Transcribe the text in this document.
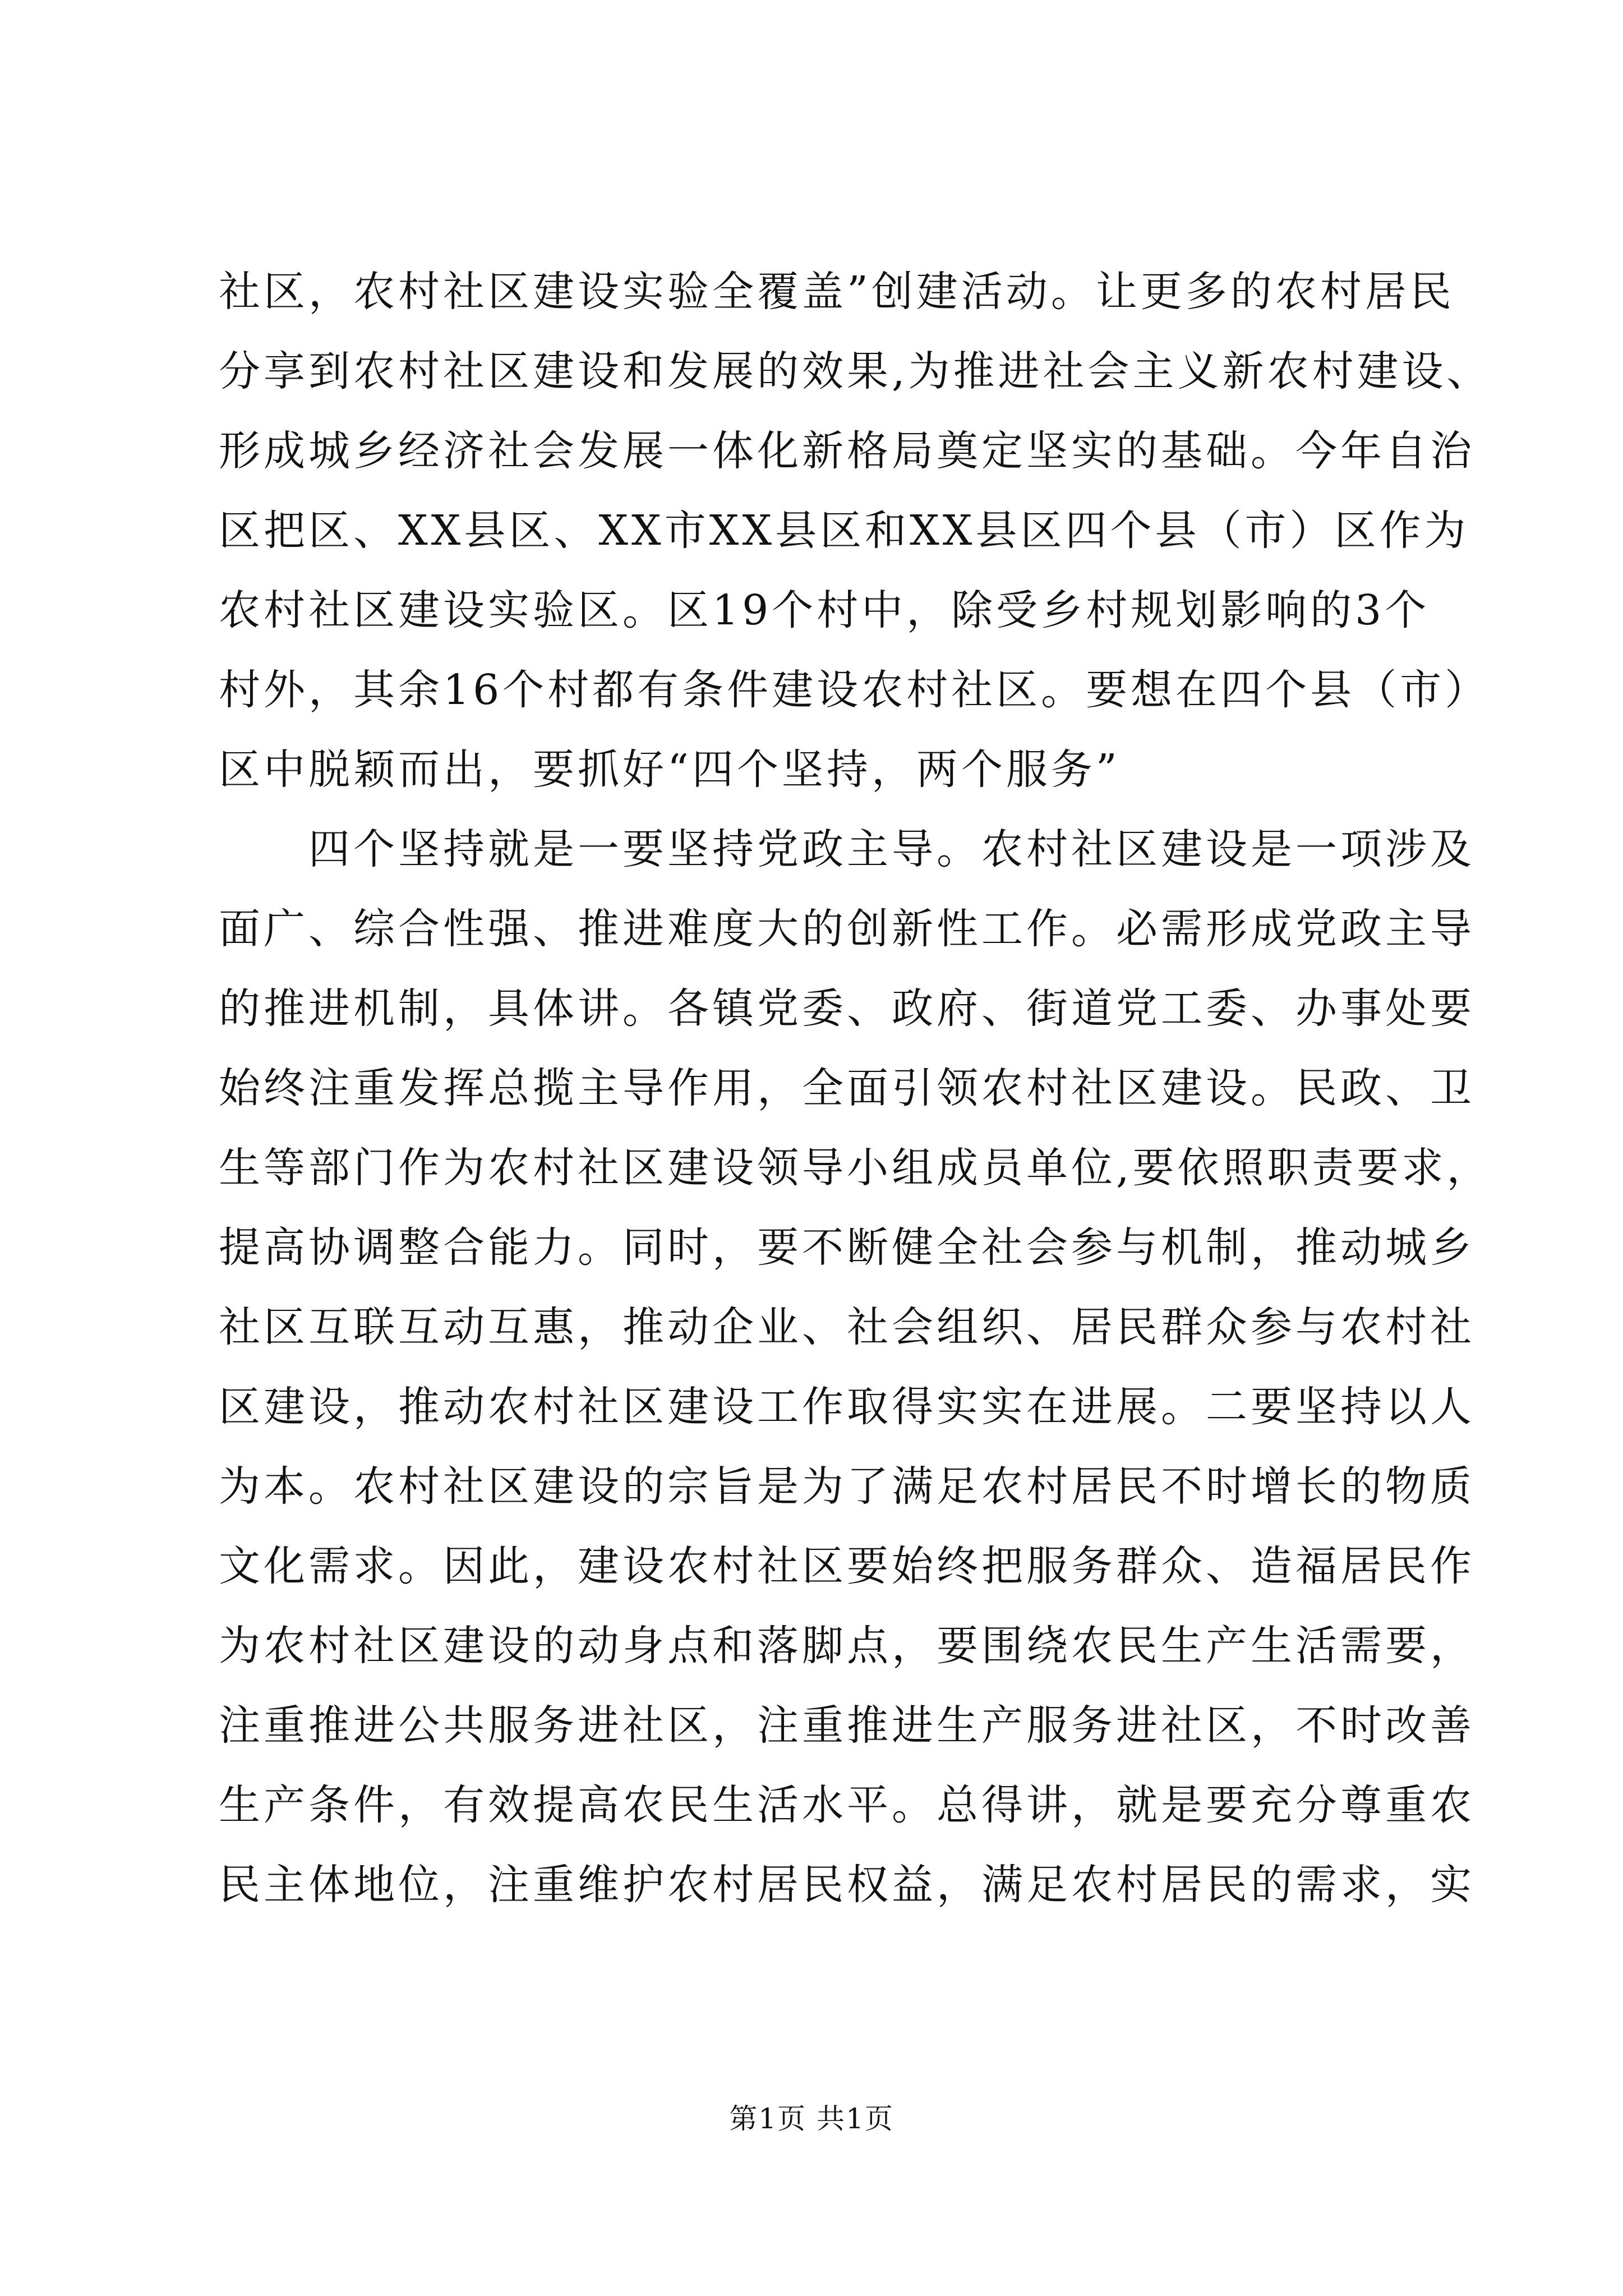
社区，农村社区建设实验全覆盖”创建活动。让更多的农村居民
分享到农村社区建设和发展的效果,为推进社会主义新农村建设、
形成城乡经济社会发展一体化新格局奠定坚实的基础。今年自治
区把区、XX县区、XX市XX县区和XX县区四个县（市）区作为
农村社区建设实验区。区19个村中，除受乡村规划影响的3个
村外，其余16个村都有条件建设农村社区。要想在四个县（市）
区中脱颖而出，要抓好“四个坚持，两个服务”
四个坚持就是一要坚持党政主导。农村社区建设是一项涉及
面广、综合性强、推进难度大的创新性工作。必需形成党政主导
的推进机制，具体讲。各镇党委、政府、街道党工委、办事处要
始终注重发挥总揽主导作用，全面引领农村社区建设。民政、卫
生等部门作为农村社区建设领导小组成员单位,要依照职责要求，
提高协调整合能力。同时，要不断健全社会参与机制，推动城乡
社区互联互动互惠，推动企业、社会组织、居民群众参与农村社
区建设，推动农村社区建设工作取得实实在进展。二要坚持以人
为本。农村社区建设的宗旨是为了满足农村居民不时增长的物质
文化需求。因此，建设农村社区要始终把服务群众、造福居民作
为农村社区建设的动身点和落脚点，要围绕农民生产生活需要，
注重推进公共服务进社区，注重推进生产服务进社区，不时改善
生产条件，有效提高农民生活水平。总得讲，就是要充分尊重农
民主体地位，注重维护农村居民权益，满足农村居民的需求，实
第1页 共1页
